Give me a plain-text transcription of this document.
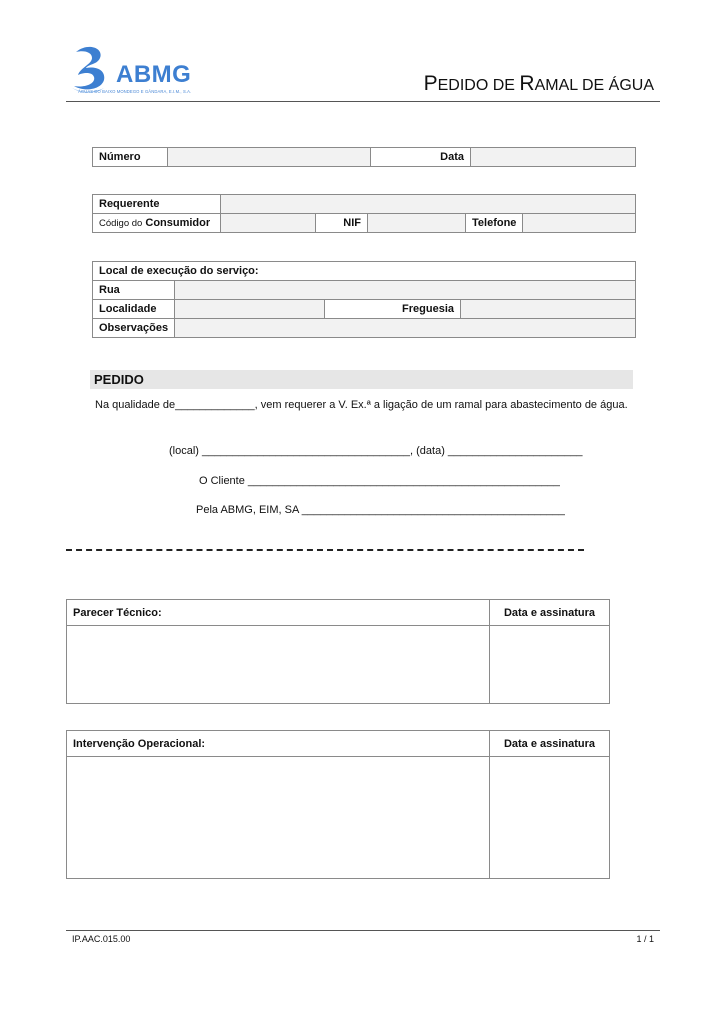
ABMG
ÁGUAS DO BAIXO MONDEGO E GÂNDARA, E.I.M., S.A.	PEDIDO DE RAMAL DE ÁGUA
Número		Data	
Requerente					
Código do Consumidor		NIF		Telefone	
Local de execução do serviço:			
Rua			
Localidade		Freguesia	
Observações			
PEDIDO
Na qualidade de_____________, vem requerer a V. Ex.ª a ligação de um ramal para abastecimento de água.
(local) __________________________________, (data) ______________________
O Cliente ___________________________________________________
Pela ABMG, EIM, SA ___________________________________________
Parecer Técnico:	Data e assinatura

Intervenção Operacional:	Data e assinatura

IP.AAC.015.00	1 / 1
